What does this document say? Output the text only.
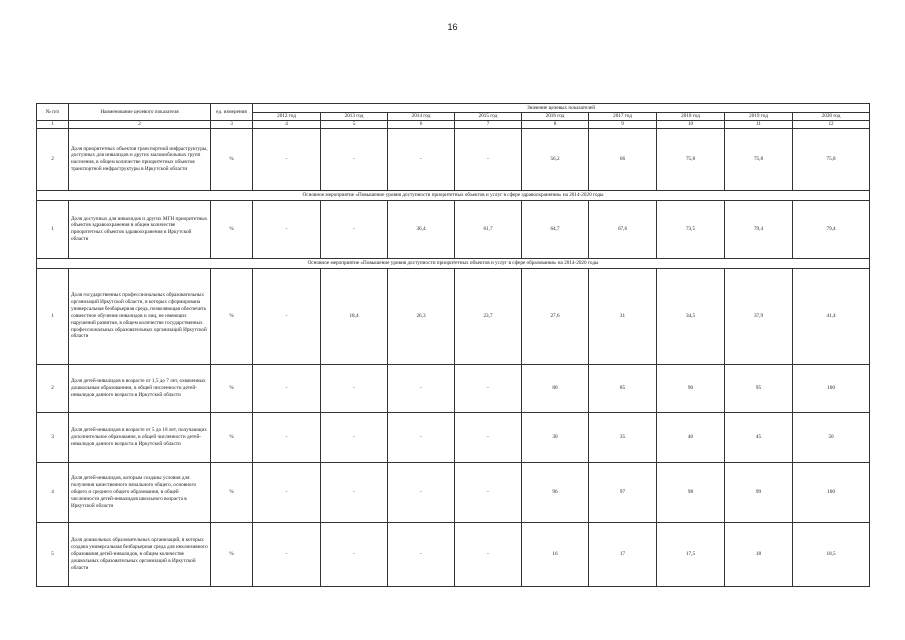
16
№ п/п	Наименование целевого показателя	ед. измерения	Значение целевых показателей								
			2012 год	2013 год	2014 год	2015 год	2016 год	2017 год	2018 год	2019 год	2020 год
1	2	3	4	5	6	7	8	9	10	11	12
2	Доля приоритетных объектов транспортной инфраструктуры, доступных для инвалидов и других маломобильных групп населения, в общем количестве приоритетных объектов транспортной инфраструктуры в Иркутской области	%	-	-	-	-	56,2	66	75,8	75,8	75,8
Основное мероприятие «Повышение уровня доступности приоритетных объектов и услуг в сфере здравоохранения» на 2014-2020 годы											
1	Доля доступных для инвалидов и других МГН приоритетных объектов здравоохранения в общем количестве приоритетных объектов здравоохранения в Иркутской области	%	-	-	36,4	61,7	64,7	67,6	73,5	79,4	79,4
Основное мероприятие «Повышение уровня доступности приоритетных объектов и услуг в сфере образования» на 2014-2020 годы											
1	Доля государственных профессиональных образовательных организаций Иркутской области, в которых сформирована универсальная безбарьерная среда, позволяющая обеспечить совместное обучение инвалидов и лиц, не имеющих нарушений развития, в общем количестве государственных профессиональных образовательных организаций Иркутской области	%	-	18,4	26,3	23,7	27,6	31	34,5	37,9	41,4
2	Доля детей-инвалидов в возрасте от 1,5 до 7 лет, охваченных дошкольным образованием, в общей численности детей-инвалидов данного возраста в Иркутской области	%	-	-	-	-	80	85	90	95	100
3	Доля детей-инвалидов в возрасте от 5 до 18 лет, получающих дополнительное образование, в общей численности детей-инвалидов данного возраста в Иркутской области	%	-	-	-	-	30	35	40	45	50
4	Доля детей-инвалидов, которым созданы условия для получения качественного начального общего, основного общего и среднего общего образования, в общей численности детей-инвалидов школьного возраста в Иркутской области	%	-	-	-	-	96	97	98	99	100
5	Доля дошкольных образовательных организаций, в которых создана универсальная безбарьерная среда для инклюзивного образования детей-инвалидов, в общем количестве дошкольных образовательных организаций в Иркутской области	%	-	-	-	-	16	17	17,5	18	18,5
